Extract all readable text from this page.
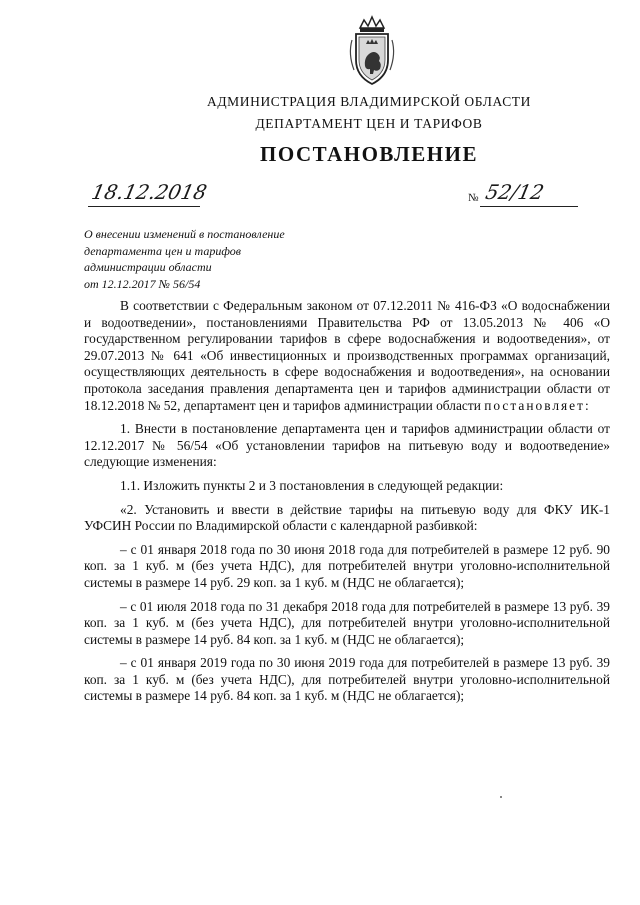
АДМИНИСТРАЦИЯ ВЛАДИМИРСКОЙ ОБЛАСТИ
ДЕПАРТАМЕНТ ЦЕН И ТАРИФОВ
ПОСТАНОВЛЕНИЕ
18.12.2018	№ 52/12
О внесении изменений в постановление
департамента цен и тарифов
администрации области
от 12.12.2017 № 56/54

В соответствии с Федеральным законом от 07.12.2011 № 416-ФЗ «О водоснабжении и водоотведении», постановлениями Правительства РФ от 13.05.2013 № 406 «О государственном регулировании тарифов в сфере водоснабжения и водоотведения», от 29.07.2013 № 641 «Об инвестиционных и производственных программах организаций, осуществляющих деятельность в сфере водоснабжения и водоотведения», на основании протокола заседания правления департамента цен и тарифов администрации области от 18.12.2018 № 52, департамент цен и тарифов администрации области постановляет:

1. Внести в постановление департамента цен и тарифов администрации области от 12.12.2017 № 56/54 «Об установлении тарифов на питьевую воду и водоотведение» следующие изменения:

1.1. Изложить пункты 2 и 3 постановления в следующей редакции:

«2. Установить и ввести в действие тарифы на питьевую воду для ФКУ ИК-1 УФСИН России по Владимирской области с календарной разбивкой:

– с 01 января 2018 года по 30 июня 2018 года для потребителей в размере 12 руб. 90 коп. за 1 куб. м (без учета НДС), для потребителей внутри уголовно-исполнительной системы в размере 14 руб. 29 коп. за 1 куб. м (НДС не облагается);

– с 01 июля 2018 года по 31 декабря 2018 года для потребителей в размере 13 руб. 39 коп. за 1 куб. м (без учета НДС), для потребителей внутри уголовно-исполнительной системы в размере 14 руб. 84 коп. за 1 куб. м (НДС не облагается);

– с 01 января 2019 года по 30 июня 2019 года для потребителей в размере 13 руб. 39 коп. за 1 куб. м (без учета НДС), для потребителей внутри уголовно-исполнительной системы в размере 14 руб. 84 коп. за 1 куб. м (НДС не облагается);
